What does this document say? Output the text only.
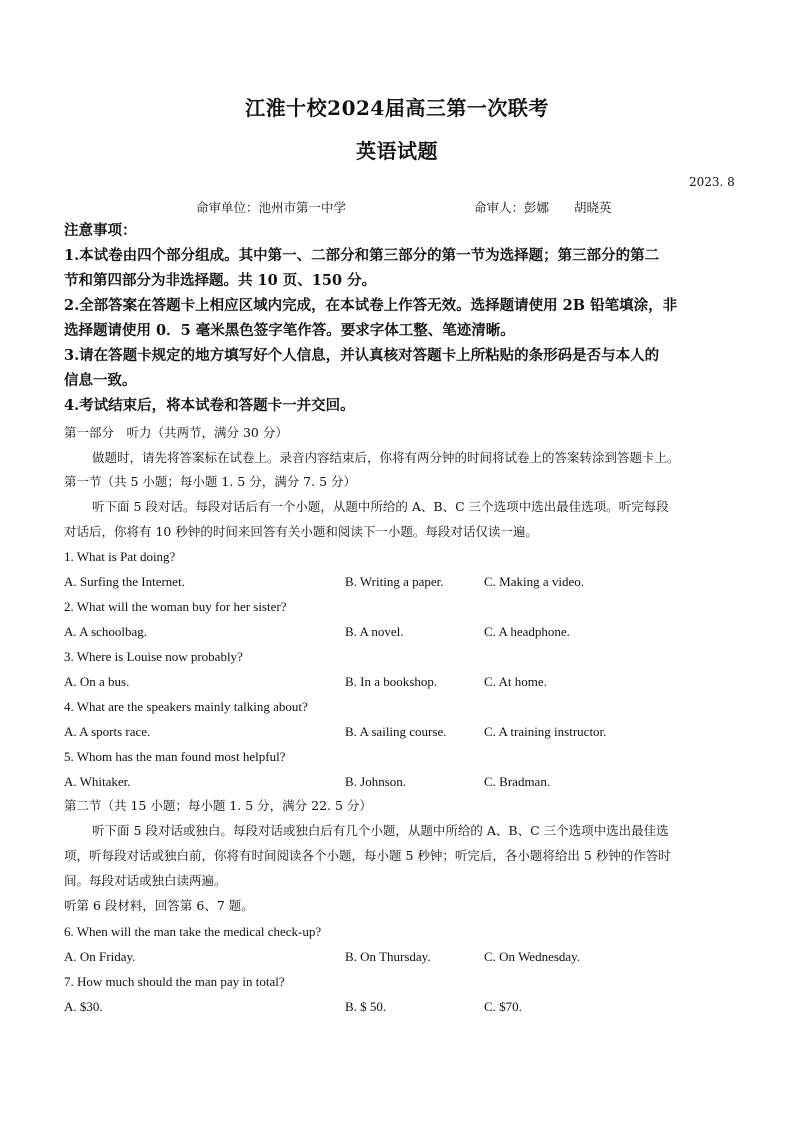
江淮十校2024届高三第一次联考
英语试题
2023. 8
命审单位：池州市第一中学	命审人：彭娜　　胡晓英
注意事项：
1.本试卷由四个部分组成。其中第一、二部分和第三部分的第一节为选择题；第三部分的第二
节和第四部分为非选择题。共 10 页、150 分。
2.全部答案在答题卡上相应区域内完成，在本试卷上作答无效。选择题请使用 2B 铅笔填涂，非
选择题请使用 0．5 毫米黑色签字笔作答。要求字体工整、笔迹清晰。
3.请在答题卡规定的地方填写好个人信息，并认真核对答题卡上所粘贴的条形码是否与本人的
信息一致。
4.考试结束后，将本试卷和答题卡一并交回。
第一部分　听力（共两节，满分 30 分）
做题时，请先将答案标在试卷上。录音内容结束后，你将有两分钟的时间将试卷上的答案转涂到答题卡上。
第一节（共 5 小题；每小题 1. 5 分，满分 7. 5 分）
听下面 5 段对话。每段对话后有一个小题，从题中所给的 A、B、C 三个选项中选出最佳选项。听完每段
对话后，你将有 10 秒钟的时间来回答有关小题和阅读下一小题。每段对话仅读一遍。
1. What is Pat doing?
A. Surfing the Internet.	B. Writing a paper.	C. Making a video.
2. What will the woman buy for her sister?
A. A schoolbag.	B. A novel.	C. A headphone.
3. Where is Louise now probably?
A. On a bus.	B. In a bookshop.	C. At home.
4. What are the speakers mainly talking about?
A. A sports race.	B. A sailing course.	C. A training instructor.
5. Whom has the man found most helpful?
A. Whitaker.	B. Johnson.	C. Bradman.
第二节（共 15 小题；每小题 1. 5 分，满分 22. 5 分）
听下面 5 段对话或独白。每段对话或独白后有几个小题，从题中所给的 A、B、C 三个选项中选出最佳选
项，听每段对话或独白前，你将有时间阅读各个小题，每小题 5 秒钟；听完后，各小题将给出 5 秒钟的作答时
间。每段对话或独白读两遍。
听第 6 段材料，回答第 6、7 题。
6. When will the man take the medical check-up?
A. On Friday.	B. On Thursday.	C. On Wednesday.
7. How much should the man pay in total?
A. $30.	B. $ 50.	C. $70.
